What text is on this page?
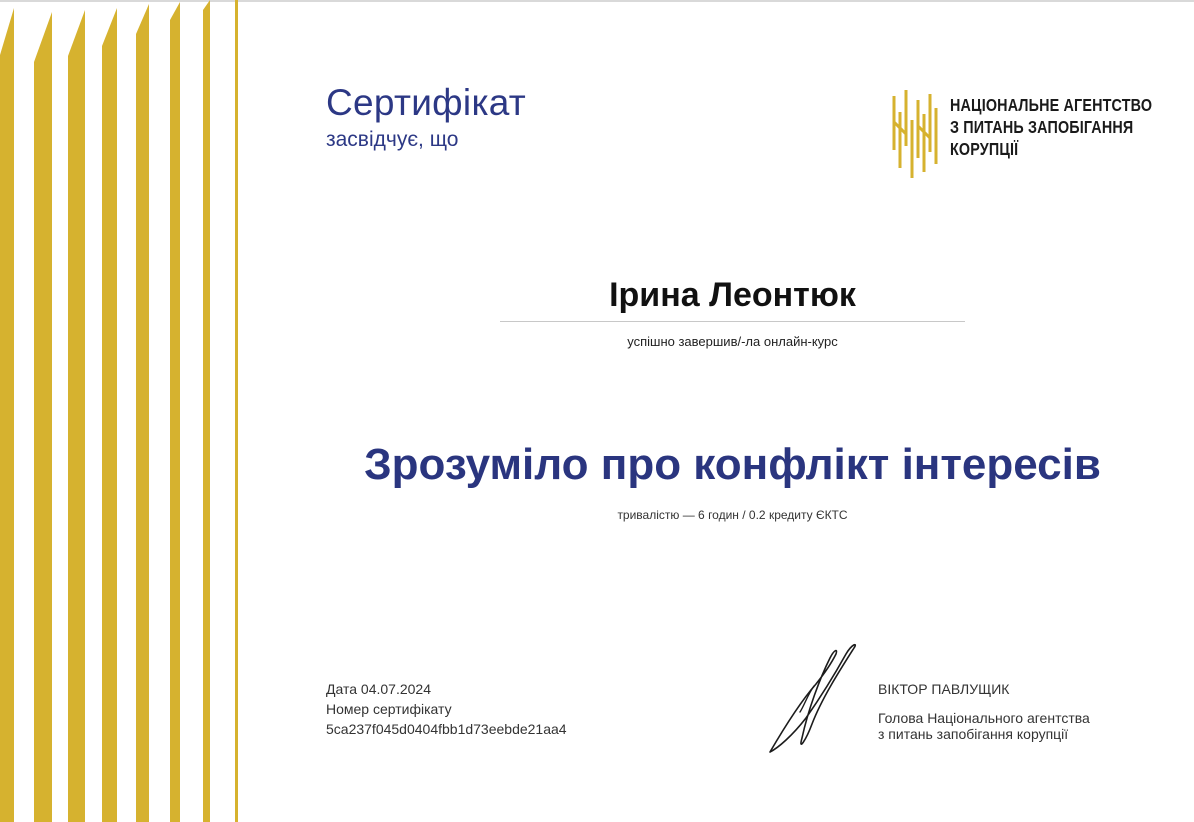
Сертифікат
засвідчує, що
НАЦІОНАЛЬНЕ АГЕНТСТВО
З ПИТАНЬ ЗАПОБІГАННЯ
КОРУПЦІЇ
Ірина Леонтюк
успішно завершив/-ла онлайн-курс
Зрозуміло про конфлікт інтересів
тривалістю — 6 годин / 0.2 кредиту ЄКТС
Дата 04.07.2024
Номер сертифікату
5ca237f045d0404fbb1d73eebde21aa4
ВІКТОР ПАВЛУЩИК
Голова Національного агентства
з питань запобігання корупції
